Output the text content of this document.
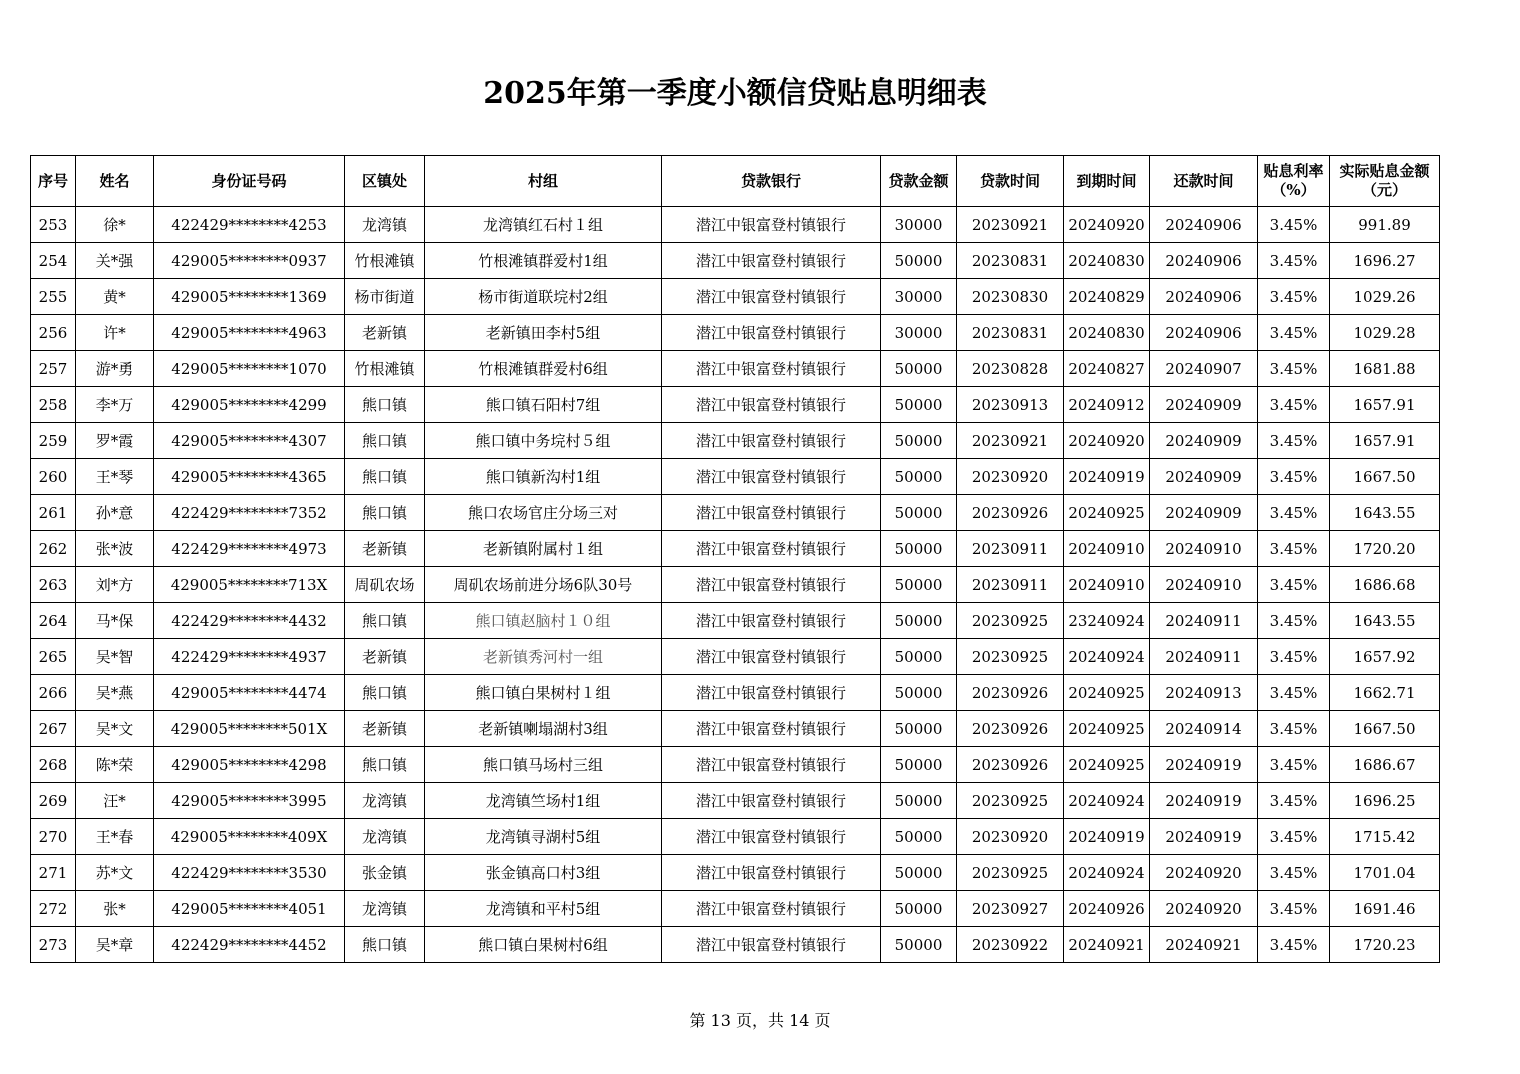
2025年第一季度小额信贷贴息明细表
序号	姓名	身份证号码	区镇处	村组	贷款银行	贷款金额	贷款时间	到期时间	还款时间	贴息利率（%）	实际贴息金额（元）
253	徐*	422429********4253	龙湾镇	龙湾镇红石村１组	潜江中银富登村镇银行	30000	20230921	20240920	20240906	3.45%	991.89
254	关*强	429005********0937	竹根滩镇	竹根滩镇群爱村1组	潜江中银富登村镇银行	50000	20230831	20240830	20240906	3.45%	1696.27
255	黄*	429005********1369	杨市街道	杨市街道联垸村2组	潜江中银富登村镇银行	30000	20230830	20240829	20240906	3.45%	1029.26
256	许*	429005********4963	老新镇	老新镇田李村5组	潜江中银富登村镇银行	30000	20230831	20240830	20240906	3.45%	1029.28
257	游*勇	429005********1070	竹根滩镇	竹根滩镇群爱村6组	潜江中银富登村镇银行	50000	20230828	20240827	20240907	3.45%	1681.88
258	李*万	429005********4299	熊口镇	熊口镇石阳村7组	潜江中银富登村镇银行	50000	20230913	20240912	20240909	3.45%	1657.91
259	罗*霞	429005********4307	熊口镇	熊口镇中务垸村５组	潜江中银富登村镇银行	50000	20230921	20240920	20240909	3.45%	1657.91
260	王*琴	429005********4365	熊口镇	熊口镇新沟村1组	潜江中银富登村镇银行	50000	20230920	20240919	20240909	3.45%	1667.50
261	孙*意	422429********7352	熊口镇	熊口农场官庄分场三对	潜江中银富登村镇银行	50000	20230926	20240925	20240909	3.45%	1643.55
262	张*波	422429********4973	老新镇	老新镇附属村１组	潜江中银富登村镇银行	50000	20230911	20240910	20240910	3.45%	1720.20
263	刘*方	429005********713X	周矶农场	周矶农场前进分场6队30号	潜江中银富登村镇银行	50000	20230911	20240910	20240910	3.45%	1686.68
264	马*保	422429********4432	熊口镇	熊口镇赵脑村１０组	潜江中银富登村镇银行	50000	20230925	23240924	20240911	3.45%	1643.55
265	吴*智	422429********4937	老新镇	老新镇秀河村一组	潜江中银富登村镇银行	50000	20230925	20240924	20240911	3.45%	1657.92
266	吴*燕	429005********4474	熊口镇	熊口镇白果树村１组	潜江中银富登村镇银行	50000	20230926	20240925	20240913	3.45%	1662.71
267	吴*文	429005********501X	老新镇	老新镇喇塌湖村3组	潜江中银富登村镇银行	50000	20230926	20240925	20240914	3.45%	1667.50
268	陈*荣	429005********4298	熊口镇	熊口镇马场村三组	潜江中银富登村镇银行	50000	20230926	20240925	20240919	3.45%	1686.67
269	汪*	429005********3995	龙湾镇	龙湾镇竺场村1组	潜江中银富登村镇银行	50000	20230925	20240924	20240919	3.45%	1696.25
270	王*春	429005********409X	龙湾镇	龙湾镇寻湖村5组	潜江中银富登村镇银行	50000	20230920	20240919	20240919	3.45%	1715.42
271	苏*文	422429********3530	张金镇	张金镇高口村3组	潜江中银富登村镇银行	50000	20230925	20240924	20240920	3.45%	1701.04
272	张*	429005********4051	龙湾镇	龙湾镇和平村5组	潜江中银富登村镇银行	50000	20230927	20240926	20240920	3.45%	1691.46
273	吴*章	422429********4452	熊口镇	熊口镇白果树村6组	潜江中银富登村镇银行	50000	20230922	20240921	20240921	3.45%	1720.23
第 13 页，共 14 页
